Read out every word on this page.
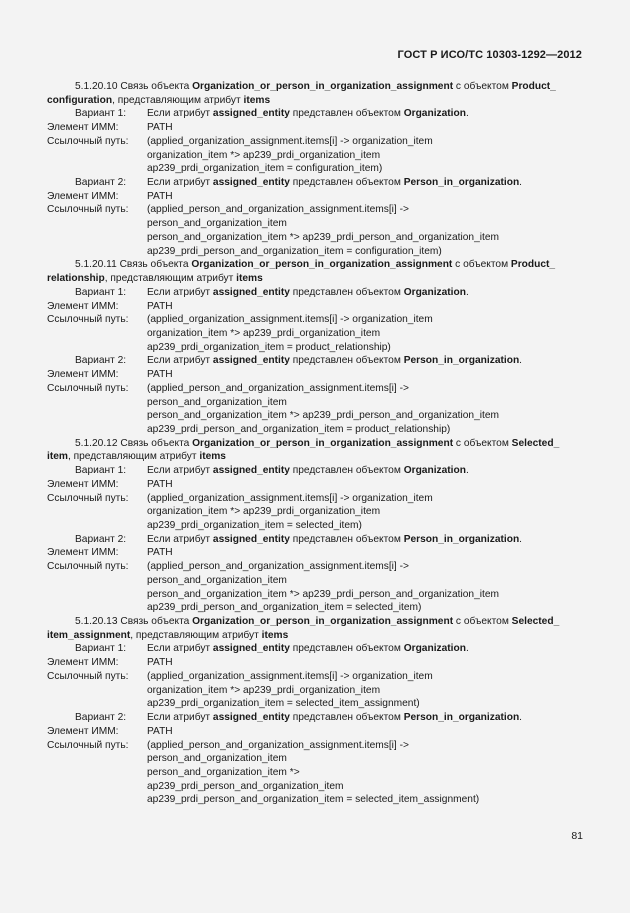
ГОСТ Р ИСО/ТС 10303-1292—2012
5.1.20.10 Связь объекта Organization_or_person_in_organization_assignment с объектом Product_
configuration, представляющим атрибут items
Вариант 1:	Если атрибут assigned_entity представлен объектом Organization.
Элемент ИММ:	PATH
Ссылочный путь:	(applied_organization_assignment.items[i] -> organization_item
organization_item *> ap239_prdi_organization_item
ap239_prdi_organization_item = configuration_item)
Вариант 2:	Если атрибут assigned_entity представлен объектом Person_in_organization.
Элемент ИММ:	PATH
Ссылочный путь:	(applied_person_and_organization_assignment.items[i] ->
person_and_organization_item
person_and_organization_item *> ap239_prdi_person_and_organization_item
ap239_prdi_person_and_organization_item = configuration_item)
5.1.20.11 Связь объекта Organization_or_person_in_organization_assignment с объектом Product_
relationship, представляющим атрибут items
Вариант 1:	Если атрибут assigned_entity представлен объектом Organization.
Элемент ИММ:	PATH
Ссылочный путь:	(applied_organization_assignment.items[i] -> organization_item
organization_item *> ap239_prdi_organization_item
ap239_prdi_organization_item = product_relationship)
Вариант 2:	Если атрибут assigned_entity представлен объектом Person_in_organization.
Элемент ИММ:	PATH
Ссылочный путь:	(applied_person_and_organization_assignment.items[i] ->
person_and_organization_item
person_and_organization_item *> ap239_prdi_person_and_organization_item
ap239_prdi_person_and_organization_item = product_relationship)
5.1.20.12 Связь объекта Organization_or_person_in_organization_assignment с объектом Selected_
item, представляющим атрибут items
Вариант 1:	Если атрибут assigned_entity представлен объектом Organization.
Элемент ИММ:	PATH
Ссылочный путь:	(applied_organization_assignment.items[i] -> organization_item
organization_item *> ap239_prdi_organization_item
ap239_prdi_organization_item = selected_item)
Вариант 2:	Если атрибут assigned_entity представлен объектом Person_in_organization.
Элемент ИММ:	PATH
Ссылочный путь:	(applied_person_and_organization_assignment.items[i] ->
person_and_organization_item
person_and_organization_item *> ap239_prdi_person_and_organization_item
ap239_prdi_person_and_organization_item = selected_item)
5.1.20.13 Связь объекта Organization_or_person_in_organization_assignment с объектом Selected_
item_assignment, представляющим атрибут items
Вариант 1:	Если атрибут assigned_entity представлен объектом Organization.
Элемент ИММ:	PATH
Ссылочный путь:	(applied_organization_assignment.items[i] -> organization_item
organization_item *> ap239_prdi_organization_item
ap239_prdi_organization_item = selected_item_assignment)
Вариант 2:	Если атрибут assigned_entity представлен объектом Person_in_organization.
Элемент ИММ:	PATH
Ссылочный путь:	(applied_person_and_organization_assignment.items[i] ->
person_and_organization_item
person_and_organization_item *>
ap239_prdi_person_and_organization_item
ap239_prdi_person_and_organization_item = selected_item_assignment)
81
